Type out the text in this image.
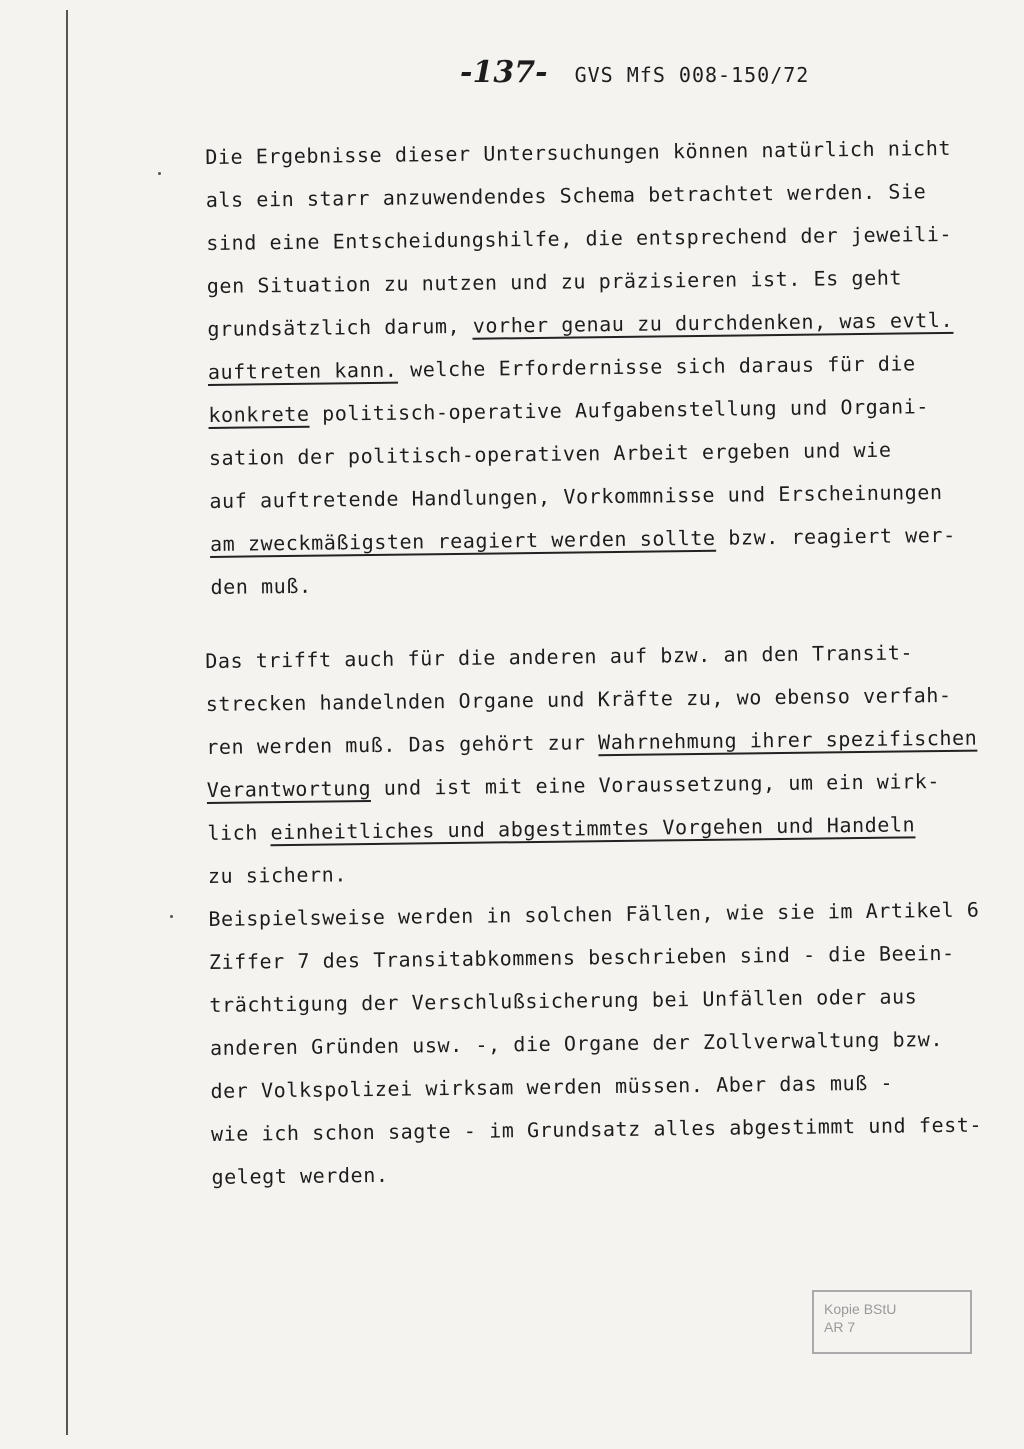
-137- GVS MfS 008-150/72
Die Ergebnisse dieser Untersuchungen können natürlich nicht
als ein starr anzuwendendes Schema betrachtet werden. Sie
sind eine Entscheidungshilfe, die entsprechend der jeweili-
gen Situation zu nutzen und zu präzisieren ist. Es geht
grundsätzlich darum, vorher genau zu durchdenken, was evtl.
auftreten kann. welche Erfordernisse sich daraus für die
konkrete politisch-operative Aufgabenstellung und Organi-
sation der politisch-operativen Arbeit ergeben und wie
auf auftretende Handlungen, Vorkommnisse und Erscheinungen
am zweckmäßigsten reagiert werden sollte bzw. reagiert wer-
den muß.
Das trifft auch für die anderen auf bzw. an den Transit-
strecken handelnden Organe und Kräfte zu, wo ebenso verfah-
ren werden muß. Das gehört zur Wahrnehmung ihrer spezifischen
Verantwortung und ist mit eine Voraussetzung, um ein wirk-
lich einheitliches und abgestimmtes Vorgehen und Handeln
zu sichern.
Beispielsweise werden in solchen Fällen, wie sie im Artikel 6
Ziffer 7 des Transitabkommens beschrieben sind - die Beein-
trächtigung der Verschlußsicherung bei Unfällen oder aus
anderen Gründen usw. -, die Organe der Zollverwaltung bzw.
der Volkspolizei wirksam werden müssen. Aber das muß -
wie ich schon sagte - im Grundsatz alles abgestimmt und fest-
gelegt werden.
Kopie BStU
AR 7
